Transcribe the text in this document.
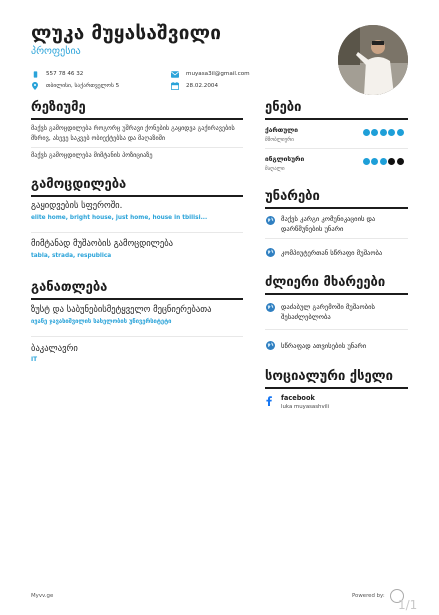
ლუკა მუყასაშვილი
პროფესია
557 78 46 32	muyasa3il@gmail.com
თბილისი, საქართველოს 5	28.02.2004
რეზიუმე
მაქვს გამოცდილება როგორც უშრავი ქონების გაყიდვა გაქირავების მხრივ, ასევე საკვებ ობიექტებსა და მაღაზიში
მაქვს გამოცდილება მიმტანის პოზიციაზე
გამოცდილება
გაყიდვების სფეროში.
elite home, bright house, just home, house in tbilisi...
მიმტანად მუშაობის გამოცდილება
tabla, strada, respublica
განათლება
ზუსტ და საბუნებისმეტყველო მეცნიერებათა
ივანე ჯავახიშვილის სახელობის უნივერსიტეტი
ბაკალავრი
IT
ენები
ქართული
მშობლიური
ინგლისური
მაღალი
უნარები
მაქვს კარგი კომუნიკაციის და დარწმუნების უნარი
კომპიუტერთან სწრაფი მუშაობა
ძლიერი მხარეები
დაძაბულ გარემოში მუშაობის შესაძლებლობა
სწრაფად ათვისების უნარი
სოციალური ქსელი
facebook
luka muyasashvili
Myvv.ge	Powered by:
1/1
